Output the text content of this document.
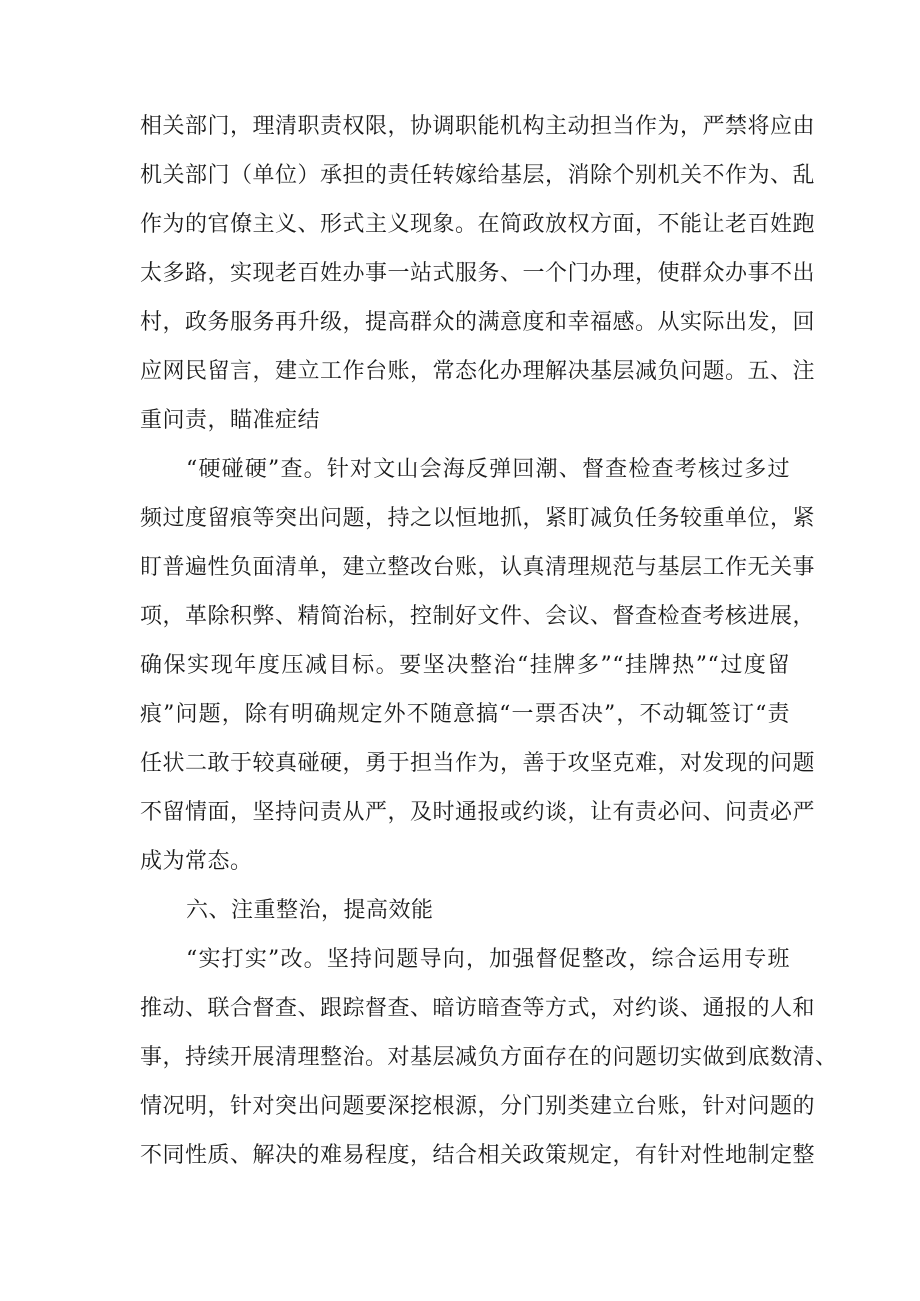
相关部门，理清职责权限，协调职能机构主动担当作为，严禁将应由
机关部门（单位）承担的责任转嫁给基层，消除个别机关不作为、乱
作为的官僚主义、形式主义现象。在简政放权方面，不能让老百姓跑
太多路，实现老百姓办事一站式服务、一个门办理，使群众办事不出
村，政务服务再升级，提高群众的满意度和幸福感。从实际出发，回
应网民留言，建立工作台账，常态化办理解决基层减负问题。五、注
重问责，瞄准症结
“硬碰硬”查。针对文山会海反弹回潮、督查检查考核过多过
频过度留痕等突出问题，持之以恒地抓，紧盯减负任务较重单位，紧
盯普遍性负面清单，建立整改台账，认真清理规范与基层工作无关事
项，革除积弊、精简治标，控制好文件、会议、督查检查考核进展，
确保实现年度压减目标。要坚决整治“挂牌多”“挂牌热”“过度留
痕”问题，除有明确规定外不随意搞“一票否决”，不动辄签订“责
任状二敢于较真碰硬，勇于担当作为，善于攻坚克难，对发现的问题
不留情面，坚持问责从严，及时通报或约谈，让有责必问、问责必严
成为常态。
六、注重整治，提高效能
“实打实”改。坚持问题导向，加强督促整改，综合运用专班
推动、联合督查、跟踪督查、暗访暗查等方式，对约谈、通报的人和
事，持续开展清理整治。对基层减负方面存在的问题切实做到底数清、
情况明，针对突出问题要深挖根源，分门别类建立台账，针对问题的
不同性质、解决的难易程度，结合相关政策规定，有针对性地制定整
